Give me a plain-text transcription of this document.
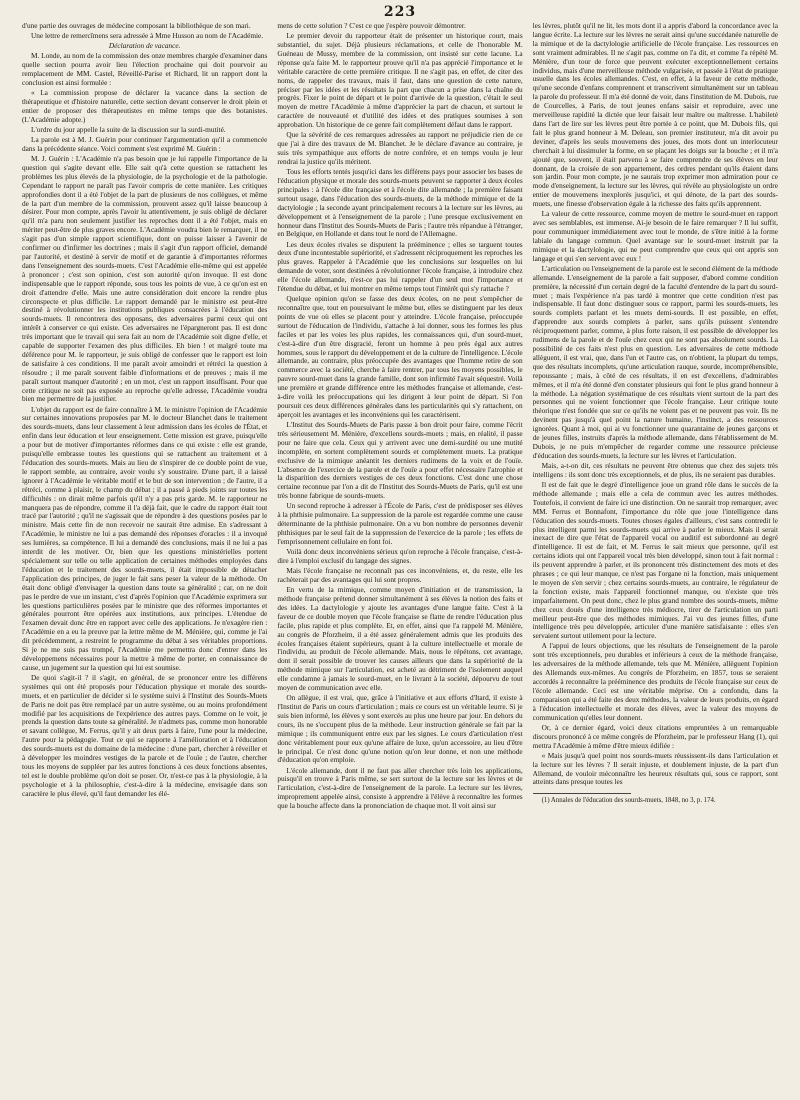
223

d'une partie des ouvrages de médecine composant la bibliothèque de son mari.

Une lettre de remercîmens sera adressée à Mme Husson au nom de l'Académie.

Déclaration de vacance.

M. Londe, au nom de la commission des onze membres chargée d'examiner dans quelle section pourra avoir lieu l'élection prochaine qui doit pourvoir au remplacement de MM. Castel, Réveillé-Parise et Richard, lit un rapport dont la conclusion est ainsi formulée :

« La commission propose de déclarer la vacance dans la section de thérapeutique et d'histoire naturelle, cette section devant conserver le droit plein et entier de proposer des thérapeutistes en même temps que des botanistes. (L'Académie adopte.)

L'ordre du jour appelle la suite de la discussion sur la surdi-mutité.

La parole est à M. J. Guérin pour continuer l'argumentation qu'il a commencée dans la précédente séance. Voici comment s'est exprimé M. Guérin :

M. J. Guérin : L'Académie n'a pas besoin que je lui rappelle l'importance de la question qui s'agite devant elle. Elle sait qu'à cette question se rattachent les problèmes les plus élevés de la physiologie, de la psychologie et de la pathologie. Cependant le rapport ne paraît pas l'avoir compris de cette manière. Les critiques approfondies dont il a été l'objet de la part de plusieurs de nos collègues, et même de la part d'un membre de la commission, prouvent assez qu'il laisse beaucoup à désirer. Pour mon compte, après l'avoir lu attentivement, je suis obligé de déclarer qu'il m'a paru non seulement justifier les reproches dont il a été l'objet, mais en mériter peut-être de plus graves encore. L'Académie voudra bien le remarquer, il ne s'agit pas d'un simple rapport scientifique, dont on puisse laisser à l'avenir de confirmer ou d'infirmer les doctrines ; mais il s'agit d'un rapport officiel, demandé par l'autorité, et destiné à servir de motif et de garantie à d'importantes réformes dans l'enseignement des sourds-muets. C'est l'Académie elle-même qui est appelée à prononcer ; c'est son opinion, c'est son autorité qu'on invoque. Il est donc indispensable que le rapport réponde, sous tous les points de vue, à ce qu'on est en droit d'attendre d'elle. Mais une autre considération doit encore la rendre plus circonspecte et plus difficile. Le rapport demandé par le ministre est peut-être destiné à révolutionner les institutions publiques consacrées à l'éducation des sourds-muets. Il rencontrera des opposans, des adversaires parmi ceux qui ont intérêt à conserver ce qui existe. Ces adversaires ne l'épargneront pas. Il est donc très important que le travail qui sera fait au nom de l'Académie soit digne d'elle, et capable de supporter l'examen des plus difficiles. Eh bien ! et malgré toute ma déférence pour M. le rapporteur, je suis obligé de confesser que le rapport est loin de satisfaire à ces conditions. Il me paraît avoir amoindri et rétréci la question à résoudre ; il me paraît souvent faible d'informations et de preuves ; mais il me paraît surtout manquer d'autorité ; en un mot, c'est un rapport insuffisant. Pour que cette critique ne soit pas exposée au reproche qu'elle adresse, l'Académie voudra bien me permettre de la justifier.

L'objet du rapport est de faire connaître à M. le ministre l'opinion de l'Académie sur certaines innovations proposées par M. le docteur Blanchet dans le traitement des sourds-muets, dans leur classement à leur admission dans les écoles de l'État, et enfin dans leur éducation et leur enseignement. Cette mission est grave, puisqu'elle a pour but de motiver d'importantes réformes dans ce qui existe : elle est grande, puisqu'elle embrasse toutes les questions qui se rattachent au traitement et à l'éducation des sourds-muets. Mais au lieu de s'inspirer de ce double point de vue, le rapport semble, au contraire, avoir voulu s'y soustraire. D'une part, il a laissé ignorer à l'Académie le véritable motif et le but de son intervention ; de l'autre, il a rétréci, comme à plaisir, le champ du débat ; il a passé à pieds joints sur toutes les difficultés : on dirait même parfois qu'il n'y a pas pris garde. M. le rapporteur ne manquera pas de répondre, comme il l'a déjà fait, que le cadre du rapport était tout tracé par l'autorité ; qu'il ne s'agissait que de répondre à des questions posées par le ministre. Mais cette fin de non recevoir ne saurait être admise. En s'adressant à l'Académie, le ministre ne lui a pas demandé des réponses d'oracles : il a invoqué ses lumières, sa compétence. Il lui a demandé des conclusions, mais il ne lui a pas interdit de les motiver. Or, bien que les questions ministérielles portent spécialement sur telle ou telle application de certaines méthodes employées dans l'éducation et le traitement des sourds-muets, il était impossible de détacher l'application des principes, de juger le fait sans peser la valeur de la méthode. On était donc obligé d'envisager la question dans toute sa généralité ; car, on ne doit pas le perdre de vue un instant, c'est d'après l'opinion que l'Académie exprimera sur les questions particulières posées par le ministre que des réformes importantes et générales pourront être opérées aux institutions, aux principes. L'étendue de l'examen devait donc être en rapport avec celle des applications. Je n'exagère rien : l'Académie en a eu la preuve par la lettre même de M. Ménière, qui, comme je l'ai dit précédemment, a restreint le programme du débat à ses véritables proportions. Si je ne me suis pas trompé, l'Académie me permettra donc d'entrer dans les développemens nécessaires pour la mettre à même de porter, en connaissance de cause, un jugement sur la question qui lui est soumise.

De quoi s'agit-il ? il s'agit, en général, de se prononcer entre les différens systèmes qui ont été proposés pour l'éducation physique et morale des sourds-muets, et en particulier de décider si le système suivi à l'Institut des Sourds-Muets de Paris ne doit pas être remplacé par un autre système, ou au moins profondément modifié par les acquisitions de l'expérience des autres pays. Comme on le voit, je prends la question dans toute sa généralité. Je n'admets pas, comme mon honorable et savant collègue, M. Ferrus, qu'il y ait deux parts à faire, l'une pour la médecine, l'autre pour la pédagogie. Tout ce qui se rapporte à l'amélioration et à l'éducation des sourds-muets est du domaine de la médecine : d'une part, chercher à réveiller et à développer les moindres vestiges de la parole et de l'ouïe ; de l'autre, chercher tous les moyens de suppléer par les autres fonctions à ces deux fonctions absentes, tel est le double problème qu'on doit se poser. Or, n'est-ce pas à la physiologie, à la psychologie et à la philosophie, c'est-à-dire à la médecine, envisagée dans son caractère le plus élevé, qu'il faut demander les élé-

mens de cette solution ? C'est ce que j'espère pouvoir démontrer.

Le premier devoir du rapporteur était de présenter un historique court, mais substantiel, du sujet. Déjà plusieurs réclamations, et celle de l'honorable M. Guéneau de Mussy, membre de la commission, ont insisté sur cette lacune. La réponse qu'a faite M. le rapporteur prouve qu'il n'a pas apprécié l'importance et le véritable caractère de cette première critique. Il ne s'agit pas, en effet, de citer des noms, de rappeler des travaux, mais il faut, dans une question de cette nature, préciser par les idées et les résultats la part que chacun a prise dans la chaîne du progrès. Fixer le point de départ et le point d'arrivée de la question, c'était le seul moyen de mettre l'Académie à même d'apprécier la part de chacun, et surtout le caractère de nouveauté et d'utilité des idées et des pratiques soumises à son approbation. Un historique de ce genre fait complètement défaut dans le rapport.

Que la sévérité de ces remarques adressées au rapport ne préjudicie rien de ce que j'ai à dire des travaux de M. Blanchet. Je le déclare d'avance au contraire, je suis très sympathique aux efforts de notre confrère, et en temps voulu je leur rendrai la justice qu'ils méritent.

Tous les efforts tentés jusqu'ici dans les différens pays pour associer les bases de l'éducation physique et morale des sourds-muets peuvent se rapporter à deux écoles principales : à l'école dite française et à l'école dite allemande ; la première faisant surtout usage, dans l'éducation des sourds-muets, de la méthode mimique et de la dactylologie ; la seconde ayant principalement recours à la lecture sur les lèvres, au développement et à l'enseignement de la parole ; l'une presque exclusivement en honneur dans l'Institut des Sourds-Muets de Paris ; l'autre très répandue à l'étranger, en Belgique, en Hollande et dans tout le nord de l'Allemagne.

Les deux écoles rivales se disputent la prééminence ; elles se targuent toutes deux d'une incontestable supériorité, et s'adressent réciproquement les reproches les plus graves. Rappeler à l'Académie que les conclusions sur lesquelles on lui demande de voter, sont destinées à révolutionner l'école française, à introduire chez elle l'école allemande, n'est-ce pas lui rappeler d'un seul mot l'importance et l'étendue du débat, et lui montrer en même temps tout l'intérêt qui s'y rattache ?

Quelque opinion qu'on se fasse des deux écoles, on ne peut s'empêcher de reconnaître que, tout en poursuivant le même but, elles se distinguent par les deux points de vue où elles se placent pour y atteindre. L'école française, préoccupée surtout de l'éducation de l'individu, s'attache à lui donner, sous les formes les plus faciles et par les voies les plus rapides, les connaissances qui, d'un sourd-muet, c'est-à-dire d'un être disgracié, feront un homme à peu près égal aux autres hommes, sous le rapport du développement et de la culture de l'intelligence. L'école allemande, au contraire, plus préoccupée des avantages que l'homme retire de son commerce avec la société, cherche à faire rentrer, par tous les moyens possibles, le pauvre sourd-muet dans la grande famille, dont son infirmité l'avait séquestré. Voilà une première et grande différence entre les méthodes française et allemande, c'est-à-dire voilà les préoccupations qui les dirigent à leur point de départ. Si l'on poursuit ces deux différences générales dans les particularités qui s'y rattachent, on aperçoit les avantages et les inconvéniens qui les caractérisent.

L'Institut des Sourds-Muets de Paris passe à bon droit pour faire, comme l'écrit très sérieusement M. Ménière, d'excellens sourds-muets ; mais, en réalité, il passe pour ne faire que cela. Ceux qui y arrivent avec une demi-surdité ou une mutité incomplète, en sortent complètement sourds et complètement muets. La pratique exclusive de la mimique anéantit les derniers rudimens de la voix et de l'ouïe. L'absence de l'exercice de la parole et de l'ouïe a pour effet nécessaire l'atrophie et la disparition des derniers vestiges de ces deux fonctions. C'est donc une chose certaine reconnue par l'on a dit de l'Institut des Sourds-Muets de Paris, qu'il est une très bonne fabrique de sourds-muets.

Un second reproche à adresser à l'École de Paris, c'est de prédisposer ses élèves à la phthisie pulmonaire. La suppression de la parole est regardée comme une cause déterminante de la phthisie pulmonaire. On a vu bon nombre de personnes devenir phthisiques par le seul fait de la suppression de l'exercice de la parole ; les effets de l'emprisonnement cellulaire en font foi.

Voilà donc deux inconvéniens sérieux qu'on reproche à l'école française, c'est-à-dire à l'emploi exclusif du langage des signes.

Mais l'école française ne reconnaît pas ces inconvéniens, et, du reste, elle les rachèterait par des avantages qui lui sont propres.

En vertu de la mimique, comme moyen d'initiation et de transmission, la méthode française prétend donner simultanément à ses élèves la notion des faits et des idées. La dactylologie y ajoute les avantages d'une langue faite. C'est à la faveur de ce double moyen que l'école française se flatte de rendre l'éducation plus facile, plus rapide et plus complète. Et, en effet, ainsi que l'a rappelé M. Ménière, au congrès de Pforzheim, il a été assez généralement admis que les produits des écoles françaises étaient supérieurs, quant à la culture intellectuelle et morale de l'individu, au produit de l'école allemande. Mais, nous le répétons, cet avantage, dont il serait possible de trouver les causes ailleurs que dans la supériorité de la méthode mimique sur l'articulation, est acheté au détriment de l'isolement auquel elle condamne à jamais le sourd-muet, en le livrant à la société, dépourvu de tout moyen de communication avec elle.

On allègue, il est vrai, que, grâce à l'initiative et aux efforts d'Itard, il existe à l'Institut de Paris un cours d'articulation ; mais ce cours est un véritable leurre. Si je suis bien informé, les élèves y sont exercés au plus une heure par jour. En dehors du cours, ils ne s'occupent plus de la méthode. Leur instruction générale se fait par la mimique ; ils communiquent entre eux par les signes. Le cours d'articulation n'est donc véritablement pour eux qu'une affaire de luxe, qu'un accessoire, au lieu d'être le principal. Ce n'est donc qu'une notion qu'on leur donne, et non une méthode d'éducation qu'on emploie.

L'école allemande, dont il ne faut pas aller chercher très loin les applications, puisqu'il en trouve à Paris même, se sert surtout de la lecture sur les lèvres et de l'articulation, c'est-à-dire de l'enseignement de la parole. La lecture sur les lèvres, improprement appelée ainsi, consiste à apprendre à l'élève à reconnaître les formes que la bouche affecte dans la prononciation de chaque mot. Il voit ainsi sur

les lèvres, plutôt qu'il ne lit, les mots dont il a appris d'abord la concordance avec la langue écrite. La lecture sur les lèvres ne serait ainsi qu'une succédanée naturelle de la mimique et de la dactylologie artificielle de l'école française. Les ressources en sont vraiment admirables. Il ne s'agit pas, comme on l'a dit, et comme l'a répété M. Ménière, d'un tour de force que peuvent exécuter exceptionnellement certains individus, mais d'une merveilleuse méthode vulgarisée, et passée à l'état de pratique usuelle dans les écoles allemandes. C'est, en effet, à la faveur de cette méthode, qu'une seconde d'enfans comprennent et transcrivent simultanément sur un tableau la parole du professeur. Il m'a été donné de voir, dans l'institution de M. Dubois, rue de Courcelles, à Paris, de tout jeunes enfans saisir et reproduire, avec une merveilleuse rapidité la dictée que leur faisait leur maître ou maîtresse. L'habileté dans l'art de lire sur les lèvres peut être portée à ce point, que M. Dubois fils, qui fait le plus grand honneur à M. Deleau, son premier instituteur, m'a dit avoir pu deviner, d'après les seuls mouvemens des joues, des mots dont un interlocuteur cherchait à lui dissimuler la forme, en se plaçant les doigts sur la bouche ; et il m'a ajouté que, souvent, il était parvenu à se faire comprendre de ses élèves en leur donnant, de la croisée de son appartement, des ordres pendant qu'ils étaient dans son jardin. Pour mon compte, je ne saurais trop exprimer mon admiration pour ce mode d'enseignement, la lecture sur les lèvres, qui révèle au physiologiste un ordre entier de mouvemens inexplorés jusqu'ici, et qui dénote, de la part des sourds-muets, une finesse d'observation égale à la richesse des faits qu'ils apprennent.

La valeur de cette ressource, comme moyen de mettre le sourd-muet en rapport avec ses semblables, est immense. Ai-je besoin de le faire remarquer ? Il lui suffit, pour communiquer immédiatement avec tout le monde, de s'être initié à la forme labiale du langage commun. Quel avantage sur le sourd-muet instruit par la mimique et la dactylologie, qui ne peut comprendre que ceux qui ont appris son langage et qui s'en servent avec eux !

L'articulation ou l'enseignement de la parole est le second élément de la méthode allemande. L'enseignement de la parole a fait supposer, d'abord comme condition première, la nécessité d'un certain degré de la faculté d'entendre de la part du sourd-muet ; mais l'expérience n'a pas tardé à montrer que cette condition n'est pas indispensable. Il faut donc distinguer sous ce rapport, parmi les sourds-muets, les sourds complets parlant et les muets demi-sourds. Il est possible, en effet, d'apprendre aux sourds complets à parler, sans qu'ils puissent s'entendre réciproquement parler, comme, à plus forte raison, il est possible de développer les rudimens de la parole et de l'ouïe chez ceux qui ne sont pas absolument sourds. La possibilité de ces faits n'est plus en question. Les adversaires de cette méthode allèguent, il est vrai, que, dans l'un et l'autre cas, on n'obtient, la plupart du temps, que des résultats incomplets, qu'une articulation rauque, sourde, incompréhensible, repoussante ; mais, à côté de ces résultats, il en est d'excellens, d'admirables mêmes, et il m'a été donné d'en constater plusieurs qui font le plus grand honneur à la méthode. La négation systématique de ces résultats vient surtout de la part des personnes qui ne voient fonctionner que l'école française. Leur critique toute théorique n'est fondée que sur ce qu'ils ne voient pas et ne peuvent pas voir. Ils ne devinent pas jusqu'à quel point la nature humaine, l'instinct, a des ressources ignorées. Quant à moi, qui ai vu fonctionner une quarantaine de jeunes garçons et de jeunes filles, instruits d'après la méthode allemande, dans l'établissement de M. Dubois, je ne puis m'empêcher de regarder comme une ressource précieuse d'éducation des sourds-muets, la lecture sur les lèvres et l'articulation.

Mais, a-t-on dit, ces résultats ne peuvent être obtenus que chez des sujets très intelligens : ils sont donc très exceptionnels, et de plus, ils ne seraient pas durables.

Il est de fait que le degré d'intelligence joue un grand rôle dans le succès de la méthode allemande ; mais elle a cela de commun avec les autres méthodes. Toutefois, il convient de faire ici une distinction. On ne saurait trop remarquer, avec MM. Ferrus et Bonnafont, l'importance du rôle que joue l'intelligence dans l'éducation des sourds-muets. Toutes choses égales d'ailleurs, c'est sans contredit le plus intelligent parmi les sourds-muets qui arrive à parler le mieux. Mais il serait inexact de dire que l'état de l'appareil vocal ou auditif est subordonné au degré d'intelligence. Il est de fait, et M. Ferrus le sait mieux que personne, qu'il est certains idiots qui ont l'appareil vocal très bien développé, sinon tout à fait normal : ils peuvent apprendre à parler, et ils prononcent très distinctement des mots et des phrases ; ce qui leur manque, ce n'est pas l'organe ni la fonction, mais uniquement le moyen de s'en servir ; chez certains sourds-muets, au contraire, le régulateur de la fonction existe, mais l'appareil fonctionnel manque, ou n'existe que très imparfaitement. On peut donc, chez le plus grand nombre des sourds-muets, même chez ceux doués d'une intelligence très médiocre, tirer de l'articulation un parti meilleur peut-être que des méthodes mimiques. J'ai vu des jeunes filles, d'une intelligence très peu développée, articuler d'une manière satisfaisante : elles s'en servaient surtout utilement pour la lecture.

A l'appui de leurs objections, que les résultats de l'enseignement de la parole sont très exceptionnels, peu durables et inférieurs à ceux de la méthode française, les adversaires de la méthode allemande, tels que M. Ménière, allèguent l'opinion des Allemands eux-mêmes. Au congrès de Pforzheim, en 1857, tous se seraient accordés à reconnaître la prééminence des produits de l'école française sur ceux de l'école allemande. Ceci est une véritable méprise. On a confondu, dans la comparaison qui a été faite des deux méthodes, la valeur de leurs produits, en égard à l'éducation intellectuelle et morale des élèves, avec la valeur des moyens de communication qu'elles leur donnent.

Or, à ce dernier égard, voici deux citations empruntées à un remarquable discours prononcé à ce même congrès de Pforzheim, par le professeur Hang (1), qui mettra l'Académie à même d'être mieux édifiée :

« Mais jusqu'à quel point nos sourds-muets réussissent-ils dans l'articulation et la lecture sur les lèvres ? Il serait injuste, et doublement injuste, de la part d'un Allemand, de vouloir méconnaître les heureux résultats qui, sous ce rapport, sont atteints dans presque toutes les

(1) Annales de l'éducation des sourds-muets, 1848, no 3, p. 174.
